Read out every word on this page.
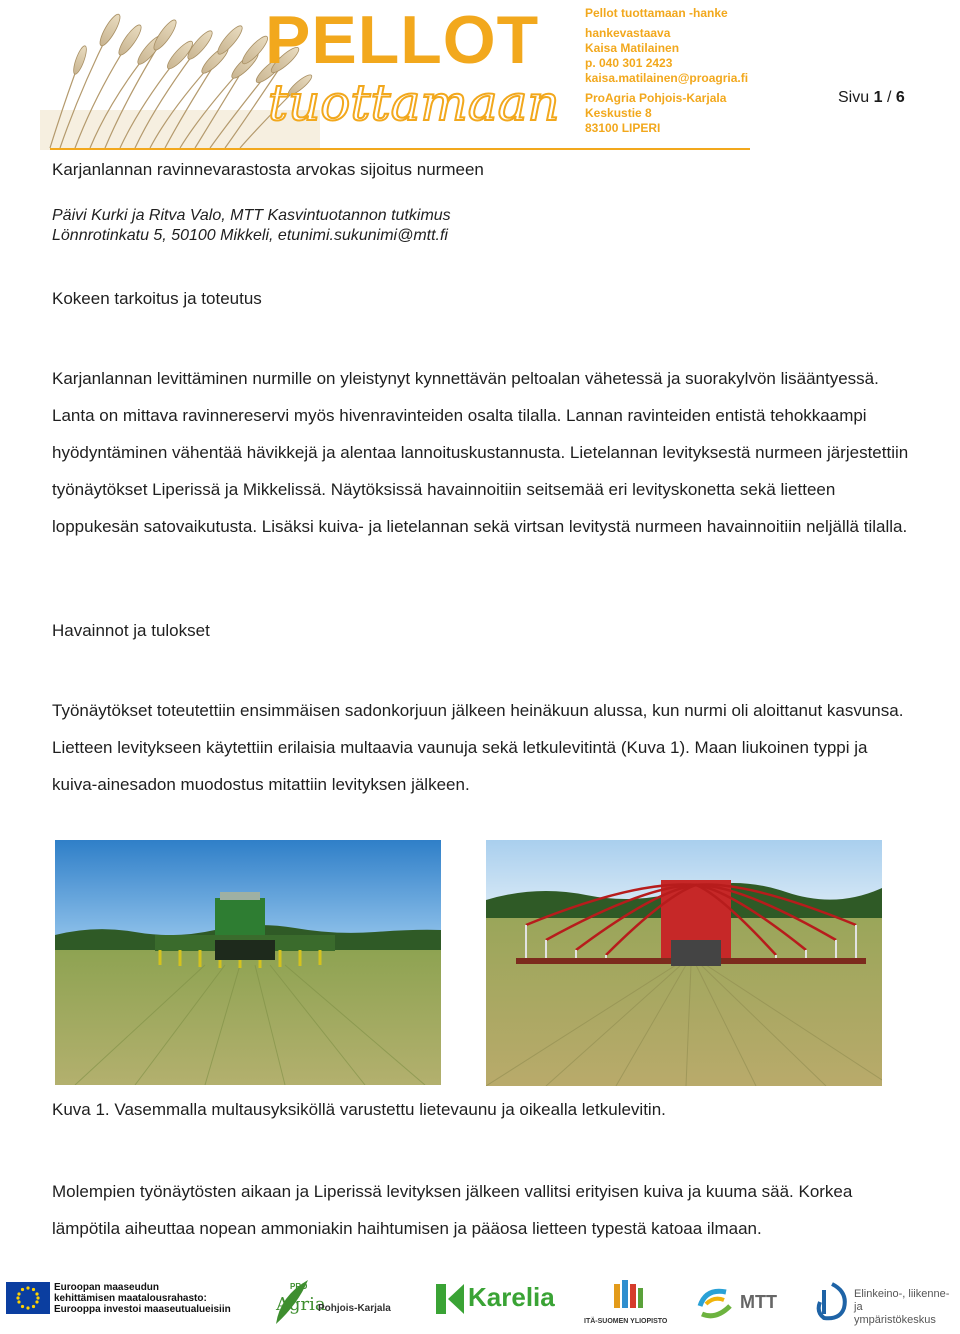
PELLOT
tuottamaan
Pellot tuottamaan -hanke
hankevastaava
Kaisa Matilainen
p. 040 301 2423
kaisa.matilainen@proagria.fi
ProAgria Pohjois-Karjala
Keskustie 8
83100 LIPERI
Sivu 1 / 6
Karjanlannan ravinnevarastosta arvokas sijoitus nurmeen
Päivi Kurki ja Ritva Valo, MTT Kasvintuotannon tutkimus
Lönnrotinkatu 5, 50100 Mikkeli, etunimi.sukunimi@mtt.fi
Kokeen tarkoitus ja toteutus

Karjanlannan levittäminen nurmille on yleistynyt kynnettävän peltoalan vähetessä ja suorakylvön lisääntyessä. Lanta on mittava ravinnereservi myös hivenravinteiden osalta tilalla. Lannan ravinteiden entistä tehokkaampi hyödyntäminen vähentää hävikkejä ja alentaa lannoituskustannusta. Lietelannan levityksestä nurmeen järjestettiin työnäytökset Liperissä ja Mikkelissä. Näytöksissä havainnoitiin seitsemää eri levityskonetta sekä lietteen loppukesän satovaikutusta. Lisäksi kuiva- ja lietelannan sekä virtsan levitystä nurmeen havainnoitiin neljällä tilalla.

Havainnot ja tulokset

Työnäytökset toteutettiin ensimmäisen sadonkorjuun jälkeen heinäkuun alussa, kun nurmi oli aloittanut kasvunsa. Lietteen levitykseen käytettiin erilaisia multaavia vaunuja sekä letkulevitintä (Kuva 1). Maan liukoinen typpi ja kuiva-ainesadon muodostus mitattiin levityksen jälkeen.

Kuva 1. Vasemmalla multausyksiköllä varustettu lietevaunu ja oikealla letkulevitin.

Molempien työnäytösten aikaan ja Liperissä levityksen jälkeen vallitsi erityisen kuiva ja kuuma sää. Korkea lämpötila aiheuttaa nopean ammoniakin haihtumisen ja pääosa lietteen typestä katoaa ilmaan.

Euroopan maaseudun
kehittämisen maatalousrahasto:
Eurooppa investoi maaseutualueisiin
PRO
Agria
Pohjois-Karjala	Karelia
ITÄ-SUOMEN YLIOPISTO
MTT	Elinkeino-, liikenne- ja
ympäristökeskus
